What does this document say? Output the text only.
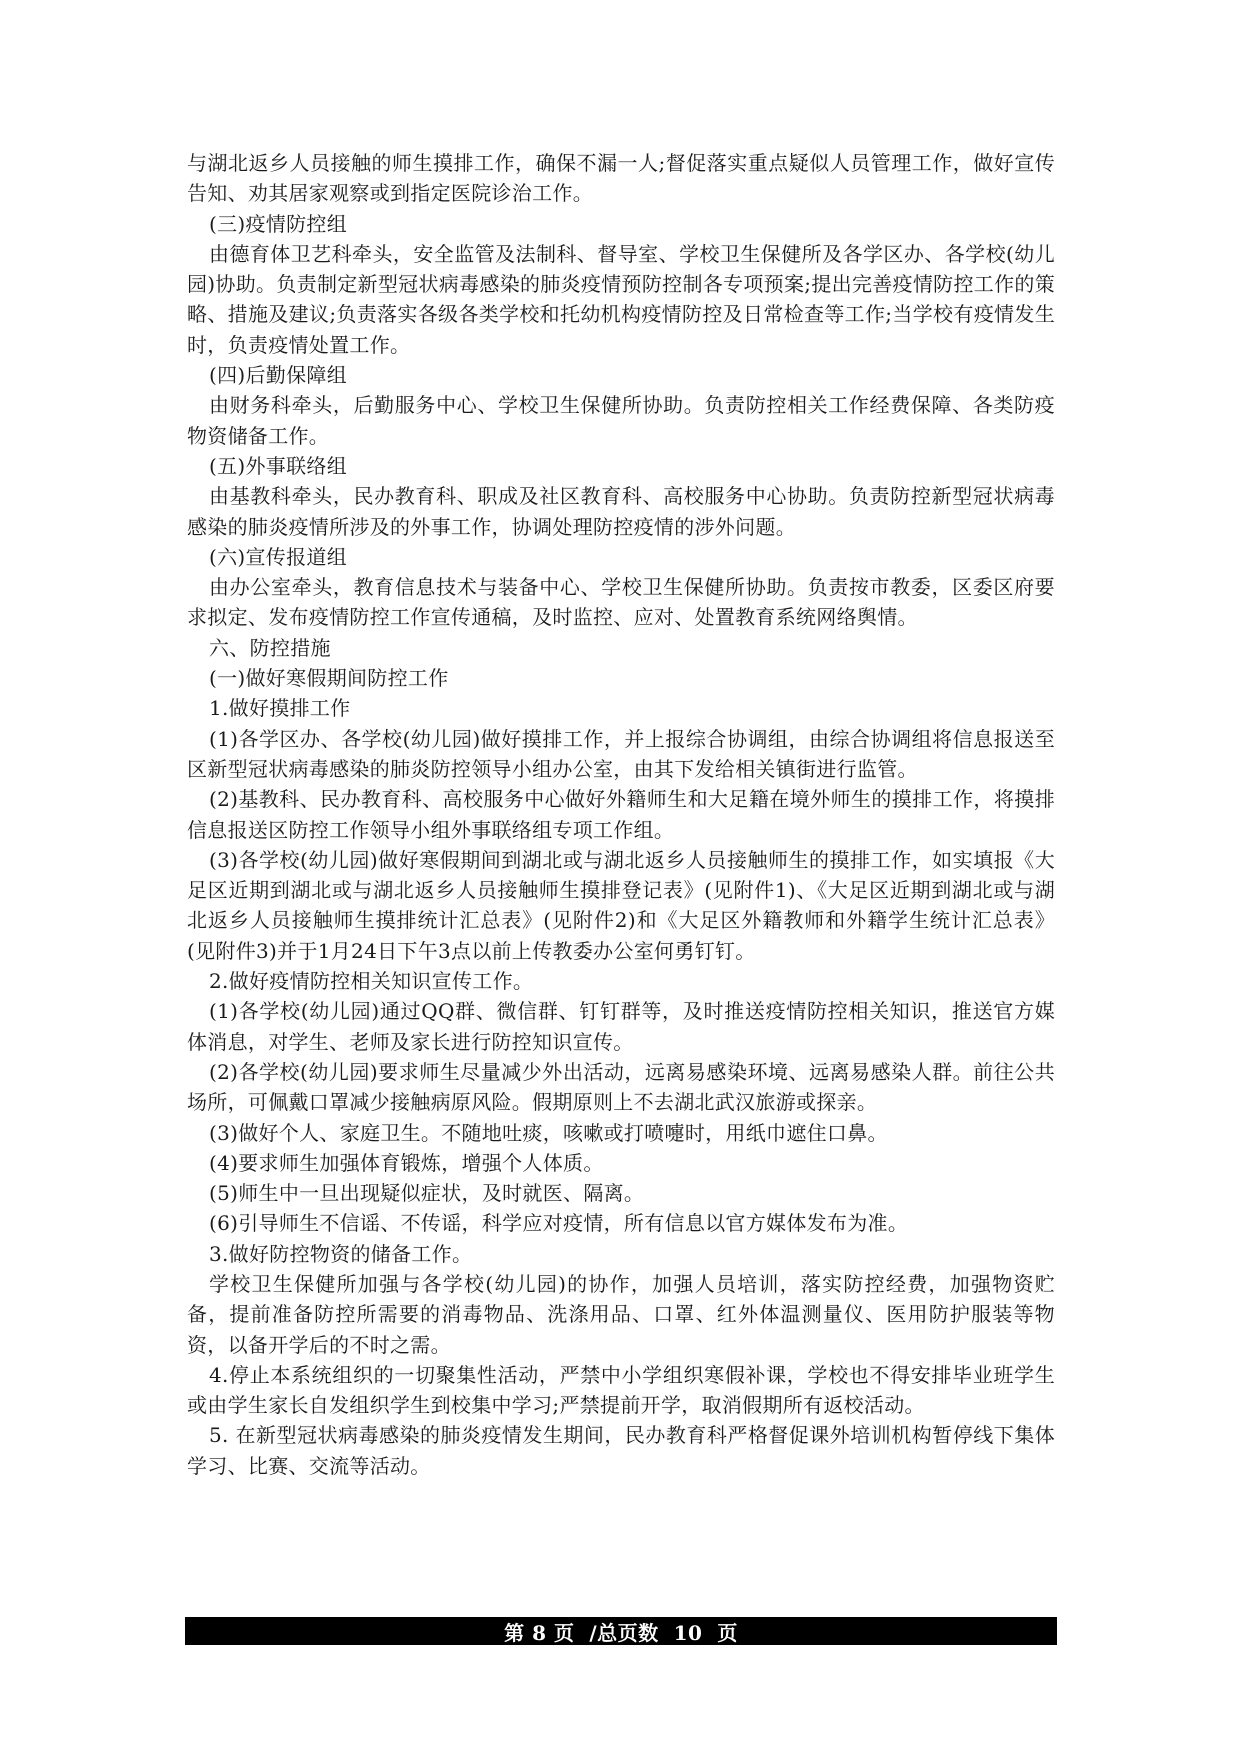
与湖北返乡人员接触的师生摸排工作，确保不漏一人;督促落实重点疑似人员管理工作，做好宣传告知、劝其居家观察或到指定医院诊治工作。

(三)疫情防控组

由德育体卫艺科牵头，安全监管及法制科、督导室、学校卫生保健所及各学区办、各学校(幼儿园)协助。负责制定新型冠状病毒感染的肺炎疫情预防控制各专项预案;提出完善疫情防控工作的策略、措施及建议;负责落实各级各类学校和托幼机构疫情防控及日常检查等工作;当学校有疫情发生时，负责疫情处置工作。

(四)后勤保障组

由财务科牵头，后勤服务中心、学校卫生保健所协助。负责防控相关工作经费保障、各类防疫物资储备工作。

(五)外事联络组

由基教科牵头，民办教育科、职成及社区教育科、高校服务中心协助。负责防控新型冠状病毒感染的肺炎疫情所涉及的外事工作，协调处理防控疫情的涉外问题。

(六)宣传报道组

由办公室牵头，教育信息技术与装备中心、学校卫生保健所协助。负责按市教委，区委区府要求拟定、发布疫情防控工作宣传通稿，及时监控、应对、处置教育系统网络舆情。

六、防控措施

(一)做好寒假期间防控工作

1.做好摸排工作

(1)各学区办、各学校(幼儿园)做好摸排工作，并上报综合协调组，由综合协调组将信息报送至区新型冠状病毒感染的肺炎防控领导小组办公室，由其下发给相关镇街进行监管。

(2)基教科、民办教育科、高校服务中心做好外籍师生和大足籍在境外师生的摸排工作，将摸排信息报送区防控工作领导小组外事联络组专项工作组。

(3)各学校(幼儿园)做好寒假期间到湖北或与湖北返乡人员接触师生的摸排工作，如实填报《大足区近期到湖北或与湖北返乡人员接触师生摸排登记表》(见附件1)、《大足区近期到湖北或与湖北返乡人员接触师生摸排统计汇总表》(见附件2)和《大足区外籍教师和外籍学生统计汇总表》(见附件3)并于1月24日下午3点以前上传教委办公室何勇钉钉。

2.做好疫情防控相关知识宣传工作。

(1)各学校(幼儿园)通过QQ群、微信群、钉钉群等，及时推送疫情防控相关知识，推送官方媒体消息，对学生、老师及家长进行防控知识宣传。

(2)各学校(幼儿园)要求师生尽量减少外出活动，远离易感染环境、远离易感染人群。前往公共场所，可佩戴口罩减少接触病原风险。假期原则上不去湖北武汉旅游或探亲。

(3)做好个人、家庭卫生。不随地吐痰，咳嗽或打喷嚏时，用纸巾遮住口鼻。

(4)要求师生加强体育锻炼，增强个人体质。

(5)师生中一旦出现疑似症状，及时就医、隔离。

(6)引导师生不信谣、不传谣，科学应对疫情，所有信息以官方媒体发布为准。

3.做好防控物资的储备工作。

学校卫生保健所加强与各学校(幼儿园)的协作，加强人员培训，落实防控经费，加强物资贮备，提前准备防控所需要的消毒物品、洗涤用品、口罩、红外体温测量仪、医用防护服装等物资，以备开学后的不时之需。

4.停止本系统组织的一切聚集性活动，严禁中小学组织寒假补课，学校也不得安排毕业班学生或由学生家长自发组织学生到校集中学习;严禁提前开学，取消假期所有返校活动。

5. 在新型冠状病毒感染的肺炎疫情发生期间，民办教育科严格督促课外培训机构暂停线下集体学习、比赛、交流等活动。

第 8 页  /总页数  10  页
